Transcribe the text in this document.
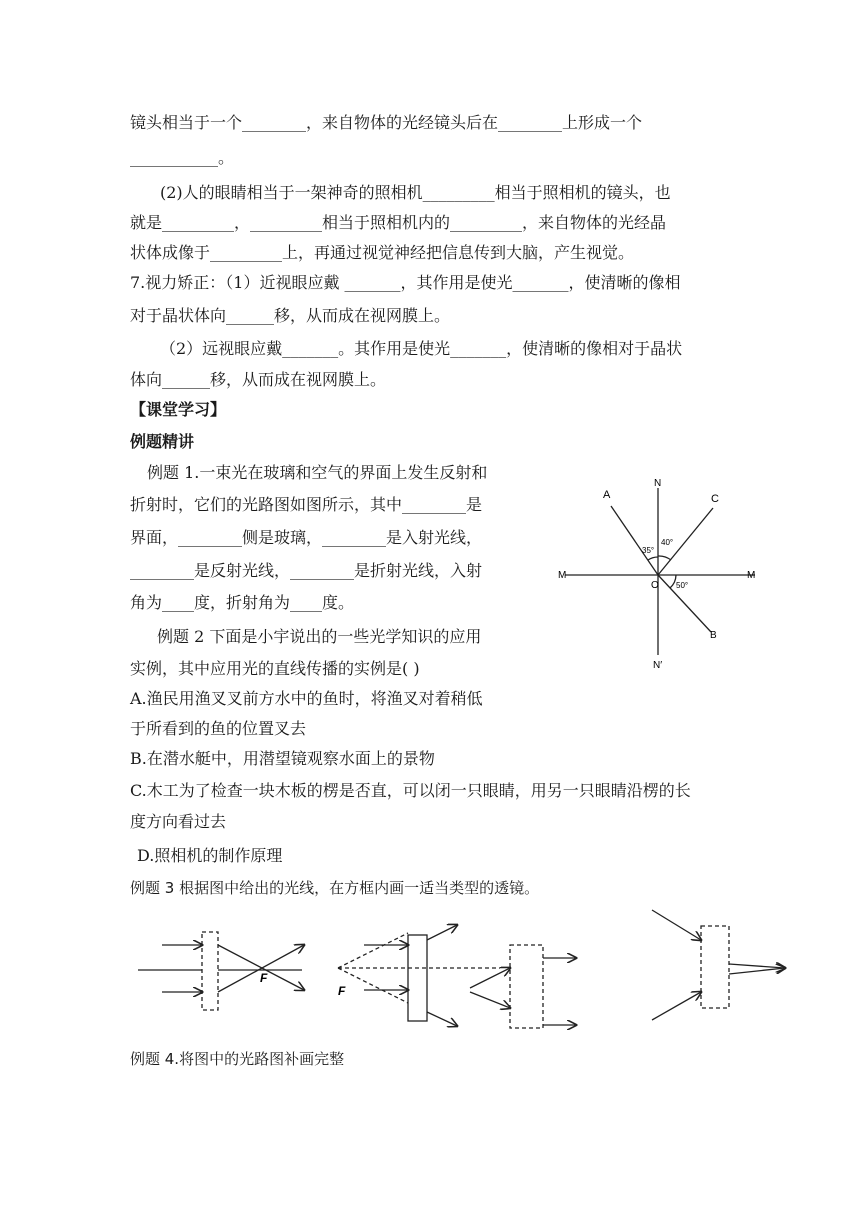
镜头相当于一个________，来自物体的光经镜头后在________上形成一个
___________。
(2)人的眼睛相当于一架神奇的照相机_________相当于照相机的镜头，也
就是_________，_________相当于照相机内的_________，来自物体的光经晶
状体成像于_________上，再通过视觉神经把信息传到大脑，产生视觉。
7.视力矫正：（1）近视眼应戴 _______，其作用是使光_______，使清晰的像相
对于晶状体向______移，从而成在视网膜上。
（2）远视眼应戴_______。其作用是使光_______，使清晰的像相对于晶状
体向______移，从而成在视网膜上。
【课堂学习】
例题精讲
例题 1.一束光在玻璃和空气的界面上发生反射和
折射时，它们的光路图如图所示，其中________是
界面，________侧是玻璃，________是入射光线，
________是反射光线，________是折射光线，入射
角为____度，折射角为____度。
例题 2 下面是小宇说出的一些光学知识的应用
实例，其中应用光的直线传播的实例是( )
A.渔民用渔叉叉前方水中的鱼时，将渔叉对着稍低
于所看到的鱼的位置叉去
B.在潜水艇中，用潜望镜观察水面上的景物
C.木工为了检查一块木板的楞是否直，可以闭一只眼睛，用另一只眼睛沿楞的长
度方向看过去
D.照相机的制作原理
例题 3 根据图中给出的光线，在方框内画一适当类型的透镜。
例题 4.将图中的光路图补画完整
A
N
C
M
O
M
B
N′
35°
40°
50°
F
F
